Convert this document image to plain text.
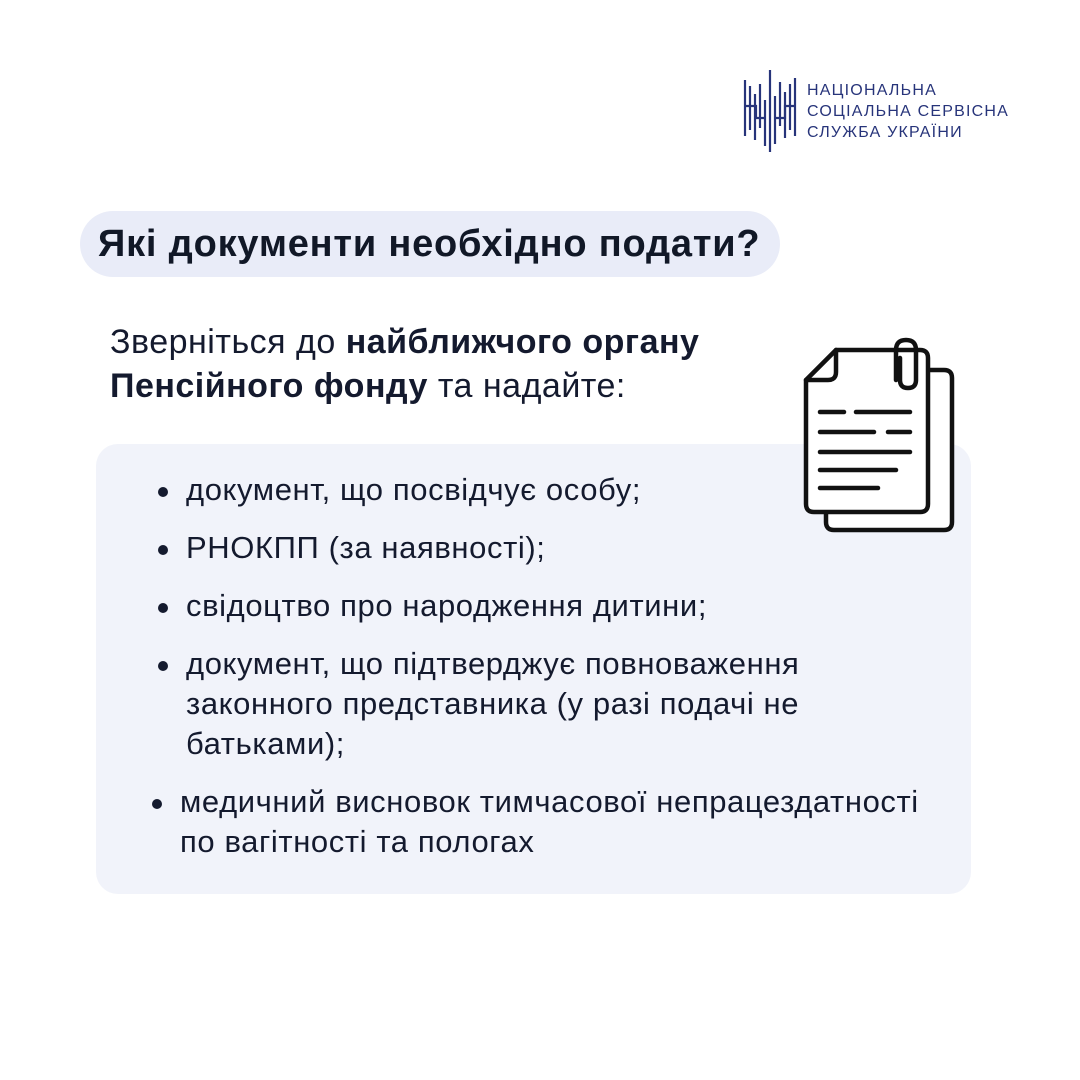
НАЦІОНАЛЬНА
СОЦІАЛЬНА СЕРВІСНА
СЛУЖБА УКРАЇНИ
Які документи необхідно подати?
Зверніться до найближчого органу Пенсійного фонду та надайте:
документ, що посвідчує особу;
РНОКПП (за наявності);
свідоцтво про народження дитини;
документ, що підтверджує повноваження законного представника (у разі подачі не батьками);
медичний висновок тимчасової непрацездатності по вагітності та пологах
